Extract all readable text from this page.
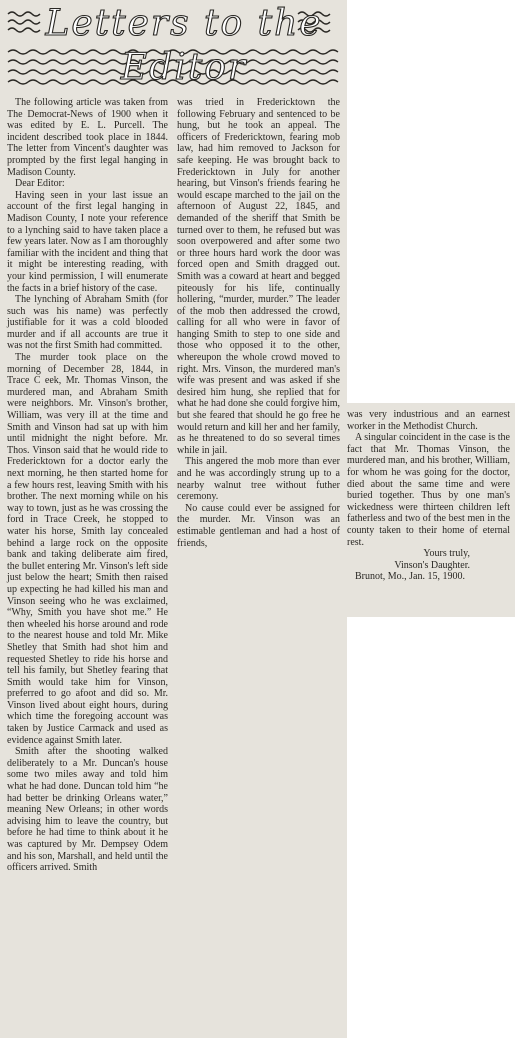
Letters to the Editor

The following article was taken from The Democrat-News of 1900 when it was edited by E. L. Purcell. The incident described took place in 1844. The letter from Vincent's daughter was prompted by the first legal hanging in Madison County.

Dear Editor:

Having seen in your last issue an account of the first legal hanging in Madison County, I note your reference to a lynching said to have taken place a few years later. Now as I am thoroughly familiar with the incident and thing that it might be interesting reading, with your kind permission, I will enumerate the facts in a brief history of the case.

The lynching of Abraham Smith (for such was his name) was perfectly justifiable for it was a cold blooded murder and if all accounts are true it was not the first Smith had committed.

The murder took place on the morning of December 28, 1844, in Trace C eek, Mr. Thomas Vinson, the murdered man, and Abraham Smith were neighbors. Mr. Vinson's brother, William, was very ill at the time and Smith and Vinson had sat up with him until midnight the night before. Mr. Thos. Vinson said that he would ride to Fredericktown for a doctor early the next morning, he then started home for a few hours rest, leaving Smith with his brother. The next morning while on his way to town, just as he was crossing the ford in Trace Creek, he stopped to water his horse, Smith lay concealed behind a large rock on the opposite bank and taking deliberate aim fired, the bullet entering Mr. Vinson's left side just below the heart; Smith then raised up expecting he had killed his man and Vinson seeing who he was exclaimed, “Why, Smith you have shot me.” He then wheeled his horse around and rode to the nearest house and told Mr. Mike Shetley that Smith had shot him and requested Shetley to ride his horse and tell his family, but Shetley fearing that Smith would take him for Vinson, preferred to go afoot and did so. Mr. Vinson lived about eight hours, during which time the foregoing account was taken by Justice Carmack and used as evidence against Smith later.

Smith after the shooting walked deliberately to a Mr. Duncan's house some two miles away and told him what he had done. Duncan told him “he had better be drinking Orleans water,” meaning New Orleans; in other words advising him to leave the country, but before he had time to think about it he was captured by Mr. Dempsey Odem and his son, Marshall, and held until the officers arrived. Smith

was tried in Fredericktown the following February and sentenced to be hung, but he took an appeal. The officers of Fredericktown, fearing mob law, had him removed to Jackson for safe keeping. He was brought back to Fredericktown in July for another hearing, but Vinson's friends fearing he would escape marched to the jail on the afternoon of August 22, 1845, and demanded of the sheriff that Smith be turned over to them, he refused but was soon overpowered and after some two or three hours hard work the door was forced open and Smith dragged out. Smith was a coward at heart and begged piteously for his life, continually hollering, “murder, murder.” The leader of the mob then addressed the crowd, calling for all who were in favor of hanging Smith to step to one side and those who opposed it to the other, whereupon the whole crowd moved to right. Mrs. Vinson, the murdered man's wife was present and was asked if she desired him hung, she replied that for what he had done she could forgive him, but she feared that should he go free he would return and kill her and her family, as he threatened to do so several times while in jail.

This angered the mob more than ever and he was accordingly strung up to a nearby walnut tree without futher ceremony.

No cause could ever be assigned for the murder. Mr. Vinson was an estimable gentleman and had a host of friends,

was very industrious and an earnest worker in the Methodist Church.

A singular coincident in the case is the fact that Mr. Thomas Vinson, the murdered man, and his brother, William, for whom he was going for the doctor, died about the same time and were buried together. Thus by one man's wickedness were thirteen children left fatherless and two of the best men in the county taken to their home of eternal rest.

Yours truly,

Vinson's Daughter.

Brunot, Mo., Jan. 15, 1900.
